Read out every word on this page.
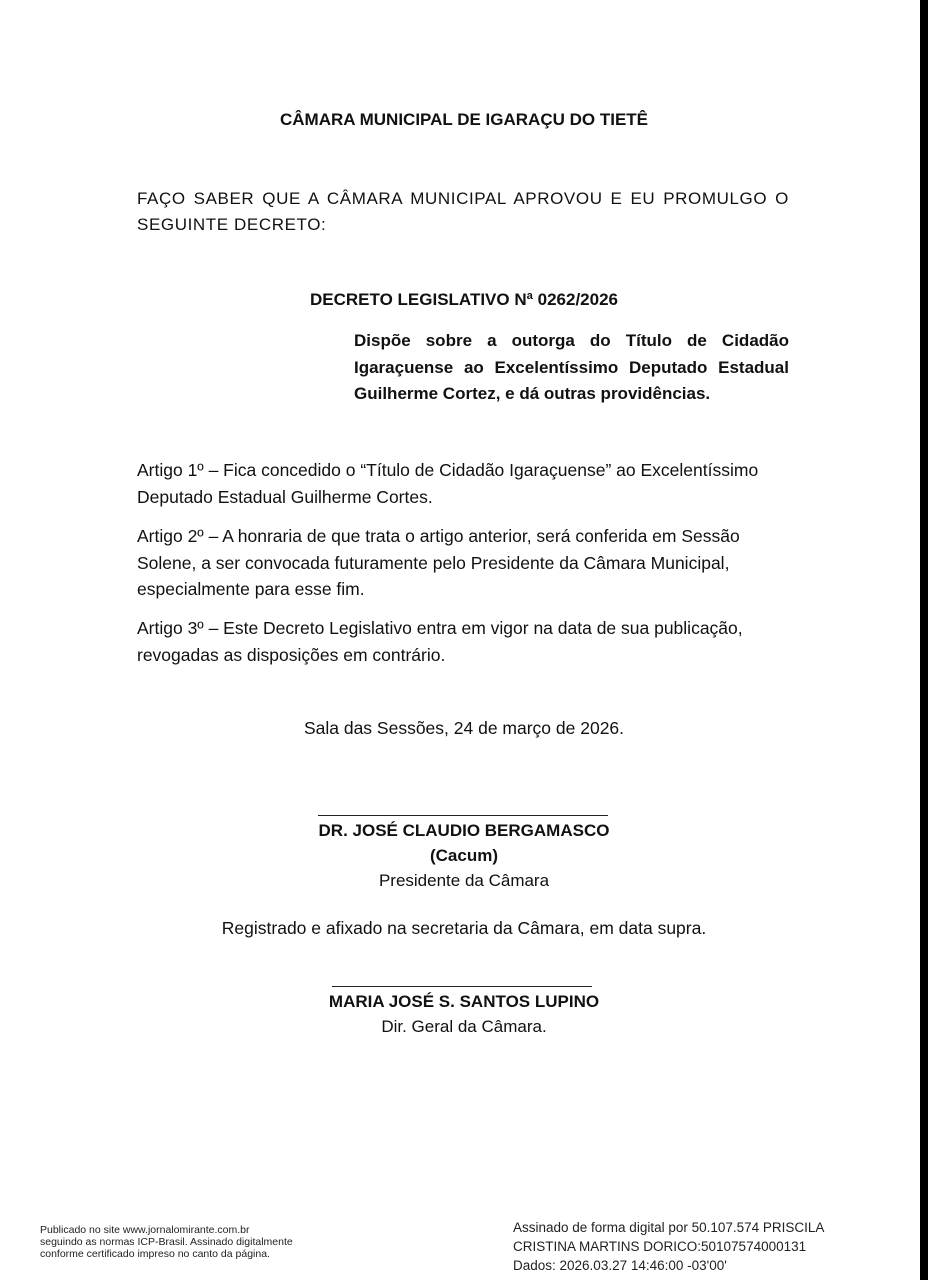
CÂMARA MUNICIPAL DE IGARAÇU DO TIETÊ
FAÇO SABER QUE A CÂMARA MUNICIPAL APROVOU E EU PROMULGO O SEGUINTE DECRETO:
DECRETO LEGISLATIVO Nª 0262/2026
Dispõe sobre a outorga do Título de Cidadão Igaraçuense ao Excelentíssimo Deputado Estadual Guilherme Cortez, e dá outras providências.
Artigo 1º – Fica concedido o “Título de Cidadão Igaraçuense” ao Excelentíssimo Deputado Estadual Guilherme Cortes.
Artigo 2º – A honraria de que trata o artigo anterior, será conferida em Sessão Solene, a ser convocada futuramente pelo Presidente da Câmara Municipal, especialmente para esse fim.
Artigo 3º – Este Decreto Legislativo entra em vigor na data de sua publicação, revogadas as disposições em contrário.
Sala das Sessões, 24 de março de 2026.
DR. JOSÉ CLAUDIO BERGAMASCO
(Cacum)
Presidente da Câmara
Registrado e afixado na secretaria da Câmara, em data supra.
MARIA JOSÉ S. SANTOS LUPINO
Dir. Geral da Câmara.
Publicado no site www.jornalomirante.com.br
seguindo as normas ICP-Brasil. Assinado digitalmente
conforme certificado impreso no canto da página.
Assinado de forma digital por 50.107.574 PRISCILA
CRISTINA MARTINS DORICO:50107574000131
Dados: 2026.03.27 14:46:00 -03'00'
